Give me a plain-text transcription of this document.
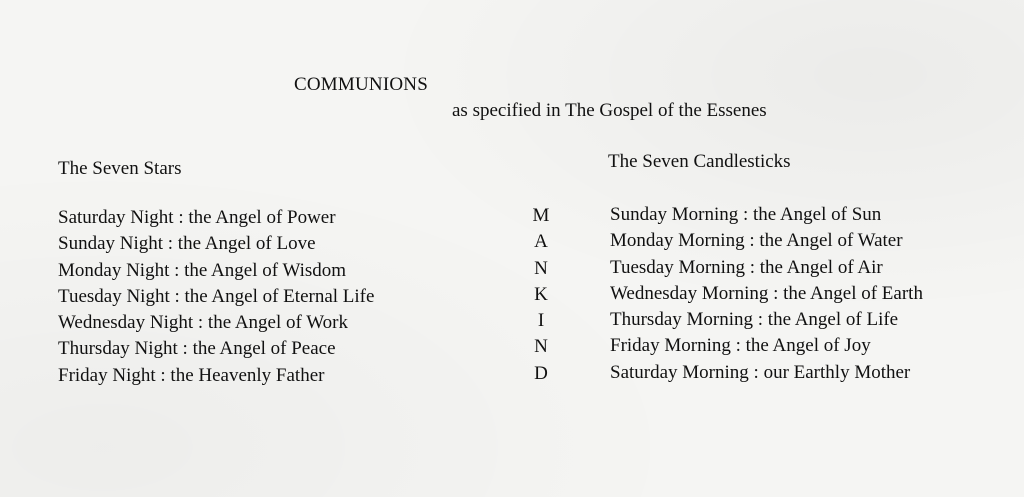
COMMUNIONS
as specified in The Gospel of the Essenes
The Seven Stars	The Seven Candlesticks
Saturday Night : the Angel of Power
Sunday Night : the Angel of Love
Monday Night : the Angel of Wisdom
Tuesday Night : the Angel of Eternal Life
Wednesday Night : the Angel of Work
Thursday Night : the Angel of Peace
Friday Night : the Heavenly Father
M
A
N
K
I
N
D
Sunday Morning : the Angel of Sun
Monday Morning : the Angel of Water
Tuesday Morning : the Angel of Air
Wednesday Morning : the Angel of Earth
Thursday Morning : the Angel of Life
Friday Morning : the Angel of Joy
Saturday Morning : our Earthly Mother
